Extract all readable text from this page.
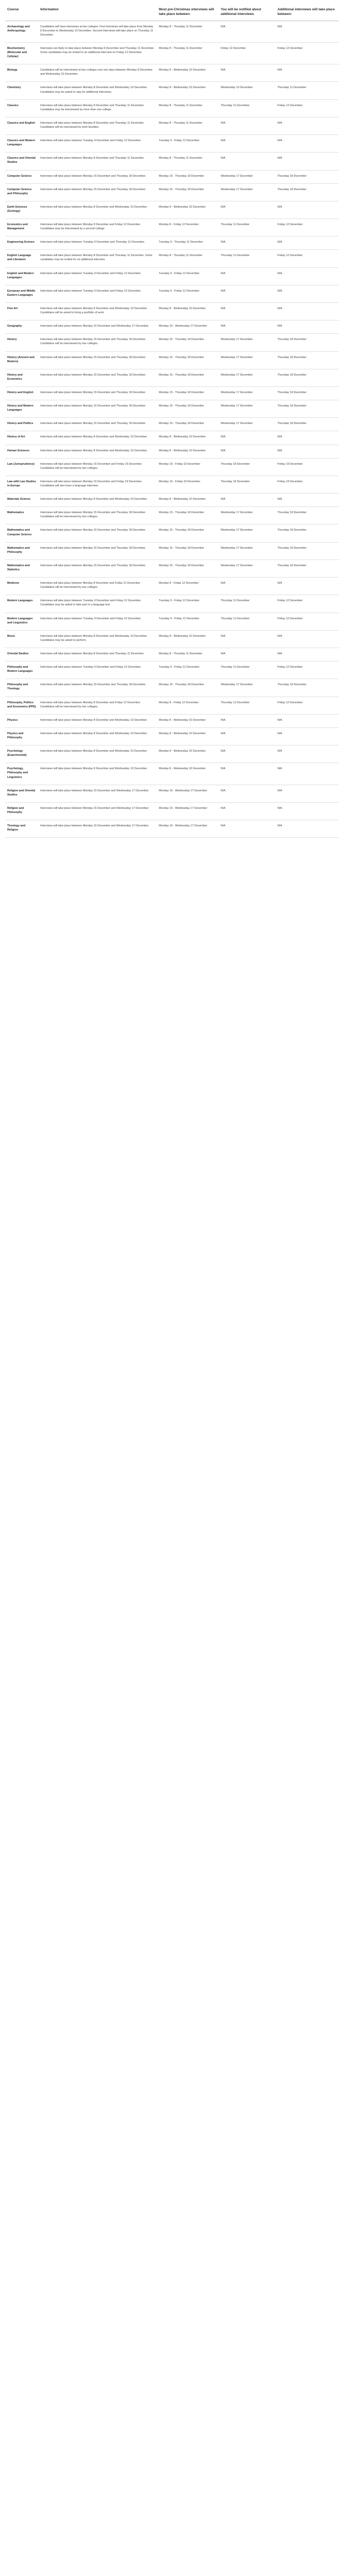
Course	Information	Most pre-Christmas interviews will take place between:	You will be notified about additional interviews	Additional interviews will take place between:
Archaeology and Anthropology	Candidates will have interviews at two colleges. First interviews will take place from Monday 8 December to Wednesday 10 December. Second interviews will take place on Thursday 11 December.	Monday 8 - Thursday 11 December	N/A	N/A
Biochemistry (Molecular and Cellular)	Interviews are likely to take place between Monday 8 December and Thursday 11 December. Some candidates may be invited to an additional interview on Friday 12 December.	Monday 8 - Thursday 11 December	Friday 12 December	Friday 12 December
Biology	Candidates will be interviewed at two colleges over two days between Monday 8 December and Wednesday 10 December.	Monday 8 - Wednesday 10 December	N/A	N/A
Chemistry	Interviews will take place between Monday 8 December and Wednesday 10 December. Candidates may be asked to stay for additional interviews.	Monday 8 - Wednesday 10 December	Wednesday 10 December	Thursday 11 December
Classics	Interviews will take place between Monday 8 December and Thursday 11 December. Candidates may be interviewed by more than one college.	Monday 8 - Thursday 11 December	Thursday 11 December	Friday 12 December
Classics and English	Interviews will take place between Monday 8 December and Thursday 11 December. Candidates will be interviewed by both faculties.	Monday 8 - Thursday 11 December	N/A	N/A
Classics and Modern Languages	Interviews will take place between Tuesday 9 December and Friday 12 December.	Tuesday 9 - Friday 12 December	N/A	N/A
Classics and Oriental Studies	Interviews will take place between Monday 8 December and Thursday 11 December.	Monday 8 - Thursday 11 December	N/A	N/A
Computer Science	Interviews will take place between Monday 15 December and Thursday 18 December.	Monday 15 - Thursday 18 December	Wednesday 17 December	Thursday 18 December
Computer Science and Philosophy	Interviews will take place between Monday 15 December and Thursday 18 December.	Monday 15 - Thursday 18 December	Wednesday 17 December	Thursday 18 December
Earth Sciences (Geology)	Interviews will take place between Monday 8 December and Wednesday 10 December.	Monday 8 - Wednesday 10 December	N/A	N/A
Economics and Management	Interviews will take place between Monday 8 December and Friday 12 December. Candidates may be interviewed by a second college.	Monday 8 - Friday 12 December	Thursday 11 December	Friday 12 December
Engineering Science	Interviews will take place between Tuesday 9 December and Thursday 11 December.	Tuesday 9 - Thursday 11 December	N/A	N/A
English Language and Literature	Interviews will take place between Monday 8 December and Thursday 11 December. Some candidates may be invited for an additional interview.	Monday 8 - Thursday 11 December	Thursday 11 December	Friday 12 December
English and Modern Languages	Interviews will take place between Tuesday 9 December and Friday 12 December.	Tuesday 9 - Friday 12 December	N/A	N/A
European and Middle Eastern Languages	Interviews will take place between Tuesday 9 December and Friday 12 December.	Tuesday 9 - Friday 12 December	N/A	N/A
Fine Art	Interviews will take place between Monday 8 December and Wednesday 10 December. Candidates will be asked to bring a portfolio of work.	Monday 8 - Wednesday 10 December	N/A	N/A
Geography	Interviews will take place between Monday 15 December and Wednesday 17 December.	Monday 15 - Wednesday 17 December	N/A	N/A
History	Interviews will take place between Monday 15 December and Thursday 18 December. Candidates will be interviewed by two colleges.	Monday 15 - Thursday 18 December	Wednesday 17 December	Thursday 18 December
History (Ancient and Modern)	Interviews will take place between Monday 15 December and Thursday 18 December.	Monday 15 - Thursday 18 December	Wednesday 17 December	Thursday 18 December
History and Economics	Interviews will take place between Monday 15 December and Thursday 18 December.	Monday 15 - Thursday 18 December	Wednesday 17 December	Thursday 18 December
History and English	Interviews will take place between Monday 15 December and Thursday 18 December.	Monday 15 - Thursday 18 December	Wednesday 17 December	Thursday 18 December
History and Modern Languages	Interviews will take place between Monday 15 December and Thursday 18 December.	Monday 15 - Thursday 18 December	Wednesday 17 December	Thursday 18 December
History and Politics	Interviews will take place between Monday 15 December and Thursday 18 December.	Monday 15 - Thursday 18 December	Wednesday 17 December	Thursday 18 December
History of Art	Interviews will take place between Monday 8 December and Wednesday 10 December.	Monday 8 - Wednesday 10 December	N/A	N/A
Human Sciences	Interviews will take place between Monday 8 December and Wednesday 10 December.	Monday 8 - Wednesday 10 December	N/A	N/A
Law (Jurisprudence)	Interviews will take place between Monday 15 December and Friday 19 December. Candidates will be interviewed by two colleges.	Monday 15 - Friday 19 December	Thursday 18 December	Friday 19 December
Law with Law Studies in Europe	Interviews will take place between Monday 15 December and Friday 19 December. Candidates will also have a language interview.	Monday 15 - Friday 19 December	Thursday 18 December	Friday 19 December
Materials Science	Interviews will take place between Monday 8 December and Wednesday 10 December.	Monday 8 - Wednesday 10 December	N/A	N/A
Mathematics	Interviews will take place between Monday 15 December and Thursday 18 December. Candidates will be interviewed by two colleges.	Monday 15 - Thursday 18 December	Wednesday 17 December	Thursday 18 December
Mathematics and Computer Science	Interviews will take place between Monday 15 December and Thursday 18 December.	Monday 15 - Thursday 18 December	Wednesday 17 December	Thursday 18 December
Mathematics and Philosophy	Interviews will take place between Monday 15 December and Thursday 18 December.	Monday 15 - Thursday 18 December	Wednesday 17 December	Thursday 18 December
Mathematics and Statistics	Interviews will take place between Monday 15 December and Thursday 18 December.	Monday 15 - Thursday 18 December	Wednesday 17 December	Thursday 18 December
Medicine	Interviews will take place between Monday 8 December and Friday 12 December. Candidates will be interviewed by two colleges.	Monday 8 - Friday 12 December	N/A	N/A
Modern Languages	Interviews will take place between Tuesday 9 December and Friday 12 December. Candidates may be asked to take part in a language test.	Tuesday 9 - Friday 12 December	Thursday 11 December	Friday 12 December
Modern Languages and Linguistics	Interviews will take place between Tuesday 9 December and Friday 12 December.	Tuesday 9 - Friday 12 December	Thursday 11 December	Friday 12 December
Music	Interviews will take place between Monday 8 December and Wednesday 10 December. Candidates may be asked to perform.	Monday 8 - Wednesday 10 December	N/A	N/A
Oriental Studies	Interviews will take place between Monday 8 December and Thursday 11 December.	Monday 8 - Thursday 11 December	N/A	N/A
Philosophy and Modern Languages	Interviews will take place between Tuesday 9 December and Friday 12 December.	Tuesday 9 - Friday 12 December	Thursday 11 December	Friday 12 December
Philosophy and Theology	Interviews will take place between Monday 15 December and Thursday 18 December.	Monday 15 - Thursday 18 December	Wednesday 17 December	Thursday 18 December
Philosophy, Politics and Economics (PPE)	Interviews will take place between Monday 8 December and Friday 12 December. Candidates will be interviewed by two colleges.	Monday 8 - Friday 12 December	Thursday 11 December	Friday 12 December
Physics	Interviews will take place between Monday 8 December and Wednesday 10 December.	Monday 8 - Wednesday 10 December	N/A	N/A
Physics and Philosophy	Interviews will take place between Monday 8 December and Wednesday 10 December.	Monday 8 - Wednesday 10 December	N/A	N/A
Psychology (Experimental)	Interviews will take place between Monday 8 December and Wednesday 10 December.	Monday 8 - Wednesday 10 December	N/A	N/A
Psychology, Philosophy and Linguistics	Interviews will take place between Monday 8 December and Wednesday 10 December.	Monday 8 - Wednesday 10 December	N/A	N/A
Religion and Oriental Studies	Interviews will take place between Monday 15 December and Wednesday 17 December.	Monday 15 - Wednesday 17 December	N/A	N/A
Religion and Philosophy	Interviews will take place between Monday 15 December and Wednesday 17 December.	Monday 15 - Wednesday 17 December	N/A	N/A
Theology and Religion	Interviews will take place between Monday 15 December and Wednesday 17 December.	Monday 15 - Wednesday 17 December	N/A	N/A
